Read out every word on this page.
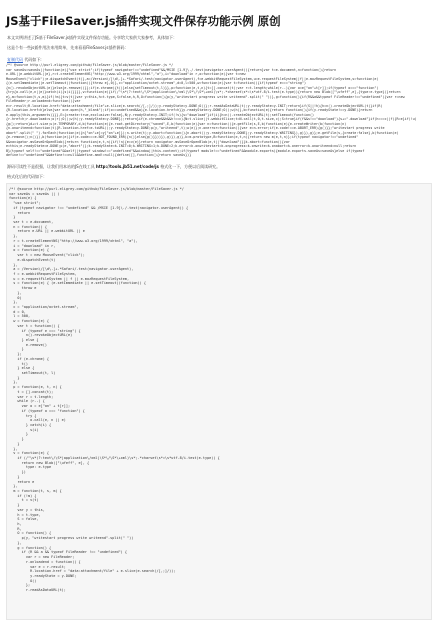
JS基于FileSaver.js插件实现文件保存功能示例 原创

本文实例讲述了JS基于FileSaver.js插件实现文件保存功能。分享给大家供大家参考，具体如下：

这是个有一些js插件用法来用简单，先来看看FileSaver.js插件源码：

复制代码 代码如下:

/*! @source http://purl.eligrey.com/github/FileSaver.js/blob/master/FileSaver.js */
var saveAs=saveAs||function(e){"use strict";if(typeof navigator!=="undefined"&&/MSIE [1-9]\./.test(navigator.userAgent)){return}var t=e.document,n=function(){return
e.URL||e.webkitURL||e},r=t.createElementNS("http://www.w3.org/1999/xhtml","a"),i="download"in r,o=function(e){var t=new
MouseEvent("click");e.dispatchEvent(t)},a=/Version\/[\d\.]+.*Safari/.test(navigator.userAgent),f=e.webkitRequestFileSystem,u=e.requestFileSystem||f||e.mozRequestFileSystem,s=function(e)
{(e.setImmediate||e.setTimeout)(function(){throw e},0)},c="application/octet-stream",d=0,l=500,w=function(e){var t=function(){if(typeof e==="string")
{n().revokeObjectURL(e)}else{e.remove()}};if(e.chrome){t()}else{setTimeout(t,l)}},p=function(e,t,n){t=[].concat(t);var r=t.length;while(r--){var o=e["on"+t[r]];if(typeof o==="function")
{try{o.call(e,n||e)}catch(i){s(i)}}}},v=function(e){if(/^\s*(?:text\/\S*|application\/xml|\S*\/\S*\+xml)\s*;.*charset\s*=\s*utf-8/i.test(e.type)){return new Blob(["\ufeff",e],{type:e.type})}return
e},m=function(t,s,m){if(!m){t=v(t)}var y=this,h=t.type,S=false,h,R,O=function(){p(y,"writestart progress write writeend".split(" "))},g=function(){if(R&&a&&typeof FileReader!=="undefined"){var r=new
FileReader;r.onloadend=function(){var
e=r.result;R.location.href="data:attachment/file"+e.slice(e.search(/[,;]/));y.readyState=y.DONE;O()};r.readAsDataURL(t);y.readyState=y.INIT;return}if(S||!h){h=n().createObjectURL(t)}if(R)
{R.location.href=h}else{var o=e.open(h,"_blank");if(o==undefined&&a){e.location.href=h}}y.readyState=y.DONE;O();w(h)},b=function(e){return function(){if(y.readyState!==y.DONE){return
e.apply(this,arguments)}}},E={create:true,exclusive:false},N;y.readyState=y.INIT;if(!s){s="download"}if(i){h=n().createObjectURL(t);setTimeout(function()
{r.href=h;r.download=s;o(r);O();w(h);y.readyState=y.DONE});return}if(e.chrome&&h&&h!==c){N=t.slice||t.webkitSlice;t=N.call(t,0,t.size,c);S=true}if(f&&s!=="download"){s+=".download"}if(h===c||f){R=e}if(!u)
{g();return}d+=t.size;u(e.TEMPORARY,d,b(function(e){e.root.getDirectory("saved",E,b(function(e){var n=function(){e.getFile(s,E,b(function(e){e.createWriter(b(function(n)
{n.onwriteend=function(t){R.location.href=e.toURL();y.readyState=y.DONE;p(y,"writeend",t);w(e)};n.onerror=function(){var e=n.error;if(e.code!==e.ABORT_ERR){g()}};"writestart progress write
abort".split(" ").forEach(function(e){n["on"+e]=y["on"+e]});n.write(t);y.abort=function(){n.abort();y.readyState=y.DONE};y.readyState=y.WRITING}),g)}),g)};e.getFile(s,{create:false},b(function(e)
{e.remove();n()}),b(function(e){if(e.code===e.NOT_FOUND_ERR){n()}else{g()}}))}),g)}),g)},k=m.prototype,B=function(e,t,n){return new m(e,t,n)};if(typeof navigator!=="undefined"
&&navigator.msSaveOrOpenBlob){return function(e,t,n){if(!n){e=v(e)}return navigator.msSaveOrOpenBlob(e,t||"download")}}k.abort=function(){var
e=this;e.readyState=e.DONE;p(e,"abort")};k.readyState=k.INIT=0;k.WRITING=1;k.DONE=2;k.error=k.onwritestart=k.onprogress=k.onwrite=k.onabort=k.onerror=k.onwriteend=null;return
B}(typeof self!=="undefined"&&self||typeof window!=="undefined"&&window||this.content);if(typeof module!=="undefined"&&module.exports){module.exports.saveAs=saveAs}else if(typeof
define!=="undefined"&&define!==null&&define.amd!=null){define([],function(){return saveAs})}

源码可读性不是很强，让我们用本站的JS在线工具 http://tools.jb51.net/code/js 格式化一下，方便以后阅读研究。

格式化后的代码如下：

/*! @source http://purl.eligrey.com/github/FileSaver.js/blob/master/FileSaver.js */
var saveAs = saveAs || (
function(e) {
"use strict";
if (typeof navigator !== "undefined" && /MSIE [1-9]\./.test(navigator.userAgent)) {
return
}
var t = e.document,
n = function() {
return e.URL || e.webkitURL || e
},
r = t.createElementNS("http://www.w3.org/1999/xhtml", "a"),
i = "download" in r,
o = function(e) {
var t = new MouseEvent("click");
e.dispatchEvent(t)
},
a = /Version\/[\d\.]+.*Safari/.test(navigator.userAgent),
f = e.webkitRequestFileSystem,
u = e.requestFileSystem || f || e.mozRequestFileSystem,
s = function(e) { (e.setImmediate || e.setTimeout)(function() {
throw e
},
0)
},
c = "application/octet-stream",
d = 0,
l = 500,
w = function(e) {
var t = function() {
if (typeof e === "string") {
n().revokeObjectURL(e)
} else {
e.remove()
}
};
if (e.chrome) {
t()
} else {
setTimeout(t, l)
}
},
p = function(e, t, n) {
t = [].concat(t);
var r = t.length;
while (r--) {
var o = e["on" + t[r]];
if (typeof o === "function") {
try {
o.call(e, n || e)
} catch(i) {
s(i)
}
}
}
},
v = function(e) {
if (/^\s*(?:text\/\S*|application\/xml|\S*\/\S*\+xml)\s*;.*charset\s*=\s*utf-8/i.test(e.type)) {
return new Blob(["\ufeff", e], {
type: e.type
})
}
return e
},
m = function(t, s, m) {
if (!m) {
t = v(t)
}
var y = this,
h = t.type,
S = false,
h,
R,
O = function() {
p(y, "writestart progress write writeend".split(" "))
},
g = function() {
if (R && a && typeof FileReader !== "undefined") {
var r = new FileReader;
r.onloadend = function() {
var e = r.result;
R.location.href = "data:attachment/file" + e.slice(e.search(/[,;]/));
y.readyState = y.DONE;
O()
};
r.readAsDataURL(t);
